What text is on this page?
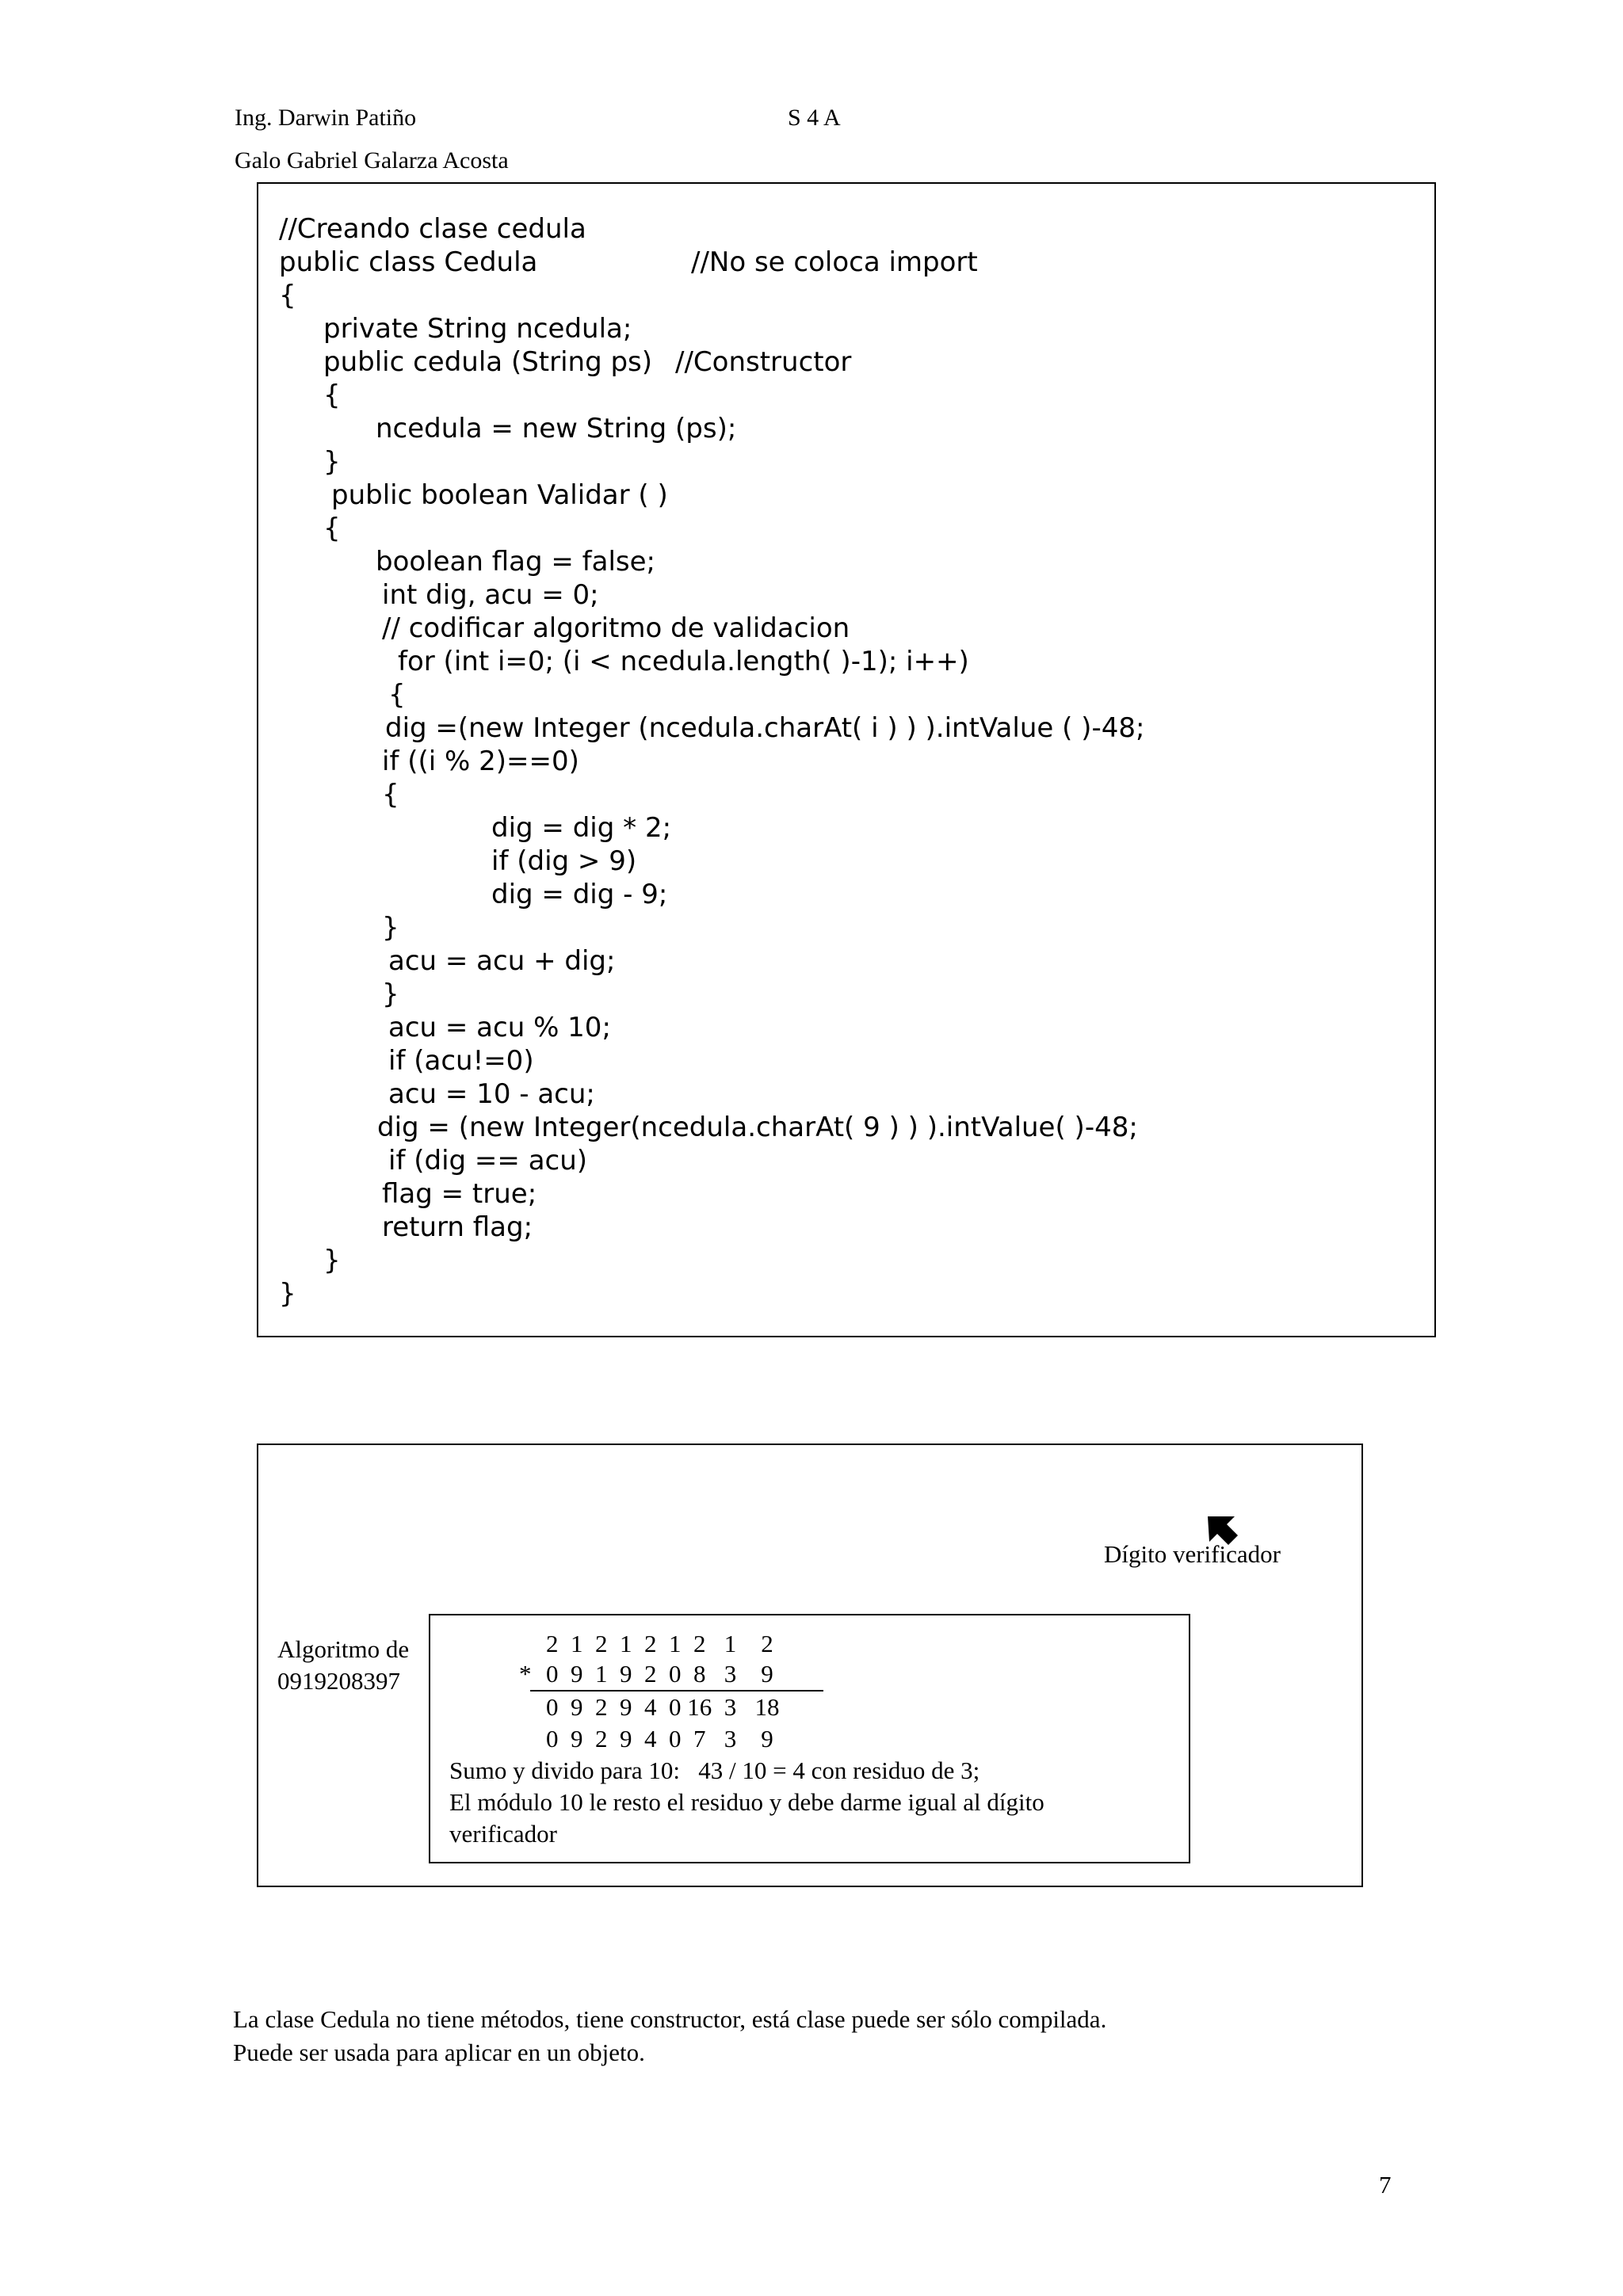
Ing. Darwin Patiño
Galo Gabriel Galarza Acosta
S 4 A
//Creando clase cedula
public class Cedula	//No se coloca import
{
private String ncedula;
public cedula (String ps) //Constructor
{
ncedula = new String (ps);
}
public boolean Validar ( )
{
boolean flag = false;
int dig, acu = 0;
// codificar algoritmo de validacion
for (int i=0; (i < ncedula.length( )-1); i++)
{
dig =(new Integer (ncedula.charAt( i ) ) ).intValue ( )-48;
if ((i % 2)==0)
{
dig = dig * 2;
if (dig > 9)
dig = dig - 9;
}
acu = acu + dig;
}
acu = acu % 10;
if (acu!=0)
acu = 10 - acu;
dig = (new Integer(ncedula.charAt( 9 ) ) ).intValue( )-48;
if (dig == acu)
flag = true;
return flag;
}
}
Dígito verificador
Algoritmo de
0919208397
2  1  2  1  2  1  2   1    2
* 0  9  1  9  2  0  8   3    9
0  9  2  9  4  0 16  3   18
0  9  2  9  4  0  7   3    9
Sumo y divido para 10:   43 / 10 = 4 con residuo de 3;
El módulo 10 le resto el residuo y debe darme igual al dígito
verificador
La clase Cedula no tiene métodos, tiene constructor, está clase puede ser sólo compilada.
Puede ser usada para aplicar en un objeto.
7
